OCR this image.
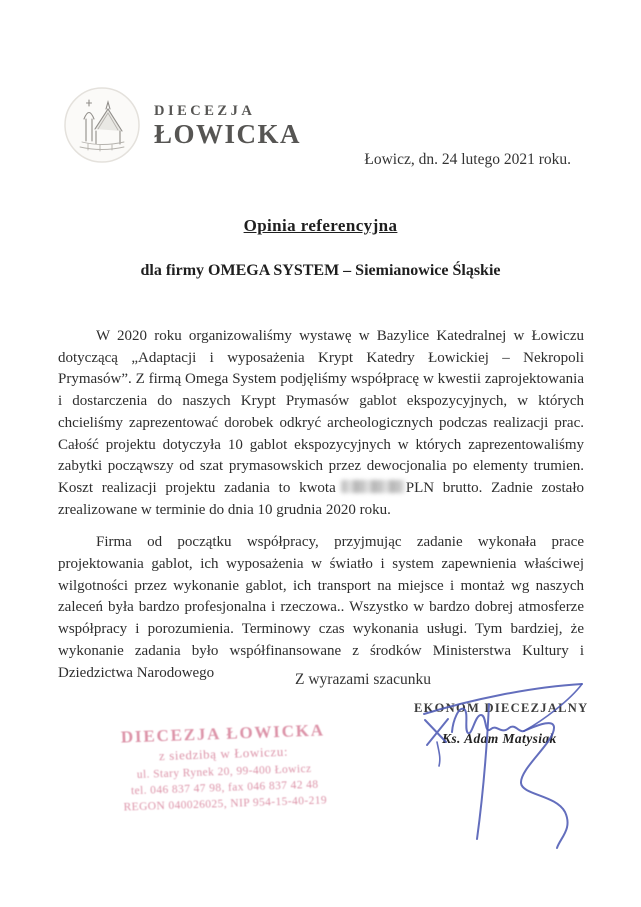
DIECEZJA
ŁOWICKA
Łowicz, dn. 24 lutego 2021 roku.
Opinia referencyjna
dla firmy OMEGA SYSTEM – Siemianowice Śląskie

W 2020 roku organizowaliśmy wystawę w Bazylice Katedralnej w Łowiczu dotyczącą „Adaptacji i wyposażenia Krypt Katedry Łowickiej – Nekropoli Prymasów”. Z firmą Omega System podjęliśmy współpracę w kwestii zaprojektowania i dostarczenia do naszych Krypt Prymasów gablot ekspozycyjnych, w których chcieliśmy zaprezentować dorobek odkryć archeologicznych podczas realizacji prac. Całość projektu dotyczyła 10 gablot ekspozycyjnych w których zaprezentowaliśmy zabytki począwszy od szat prymasowskich przez dewocjonalia po elementy trumien. Koszt realizacji projektu zadania to kwota	PLN brutto. Zadnie zostało zrealizowane w terminie do dnia 10 grudnia 2020 roku.

Firma od początku współpracy, przyjmując zadanie wykonała prace projektowania gablot, ich wyposażenia w światło i system zapewnienia właściwej wilgotności przez wykonanie gablot, ich transport na miejsce i montaż wg naszych zaleceń była bardzo profesjonalna i rzeczowa.. Wszystko w bardzo dobrej atmosferze współpracy i porozumienia. Terminowy czas wykonania usługi. Tym bardziej, że wykonanie zadania było współfinansowane z środków Ministerstwa Kultury i Dziedzictwa Narodowego	Z wyrazami szacunku
DIECEZJA ŁOWICKA
z siedzibą w Łowiczu:
ul. Stary Rynek 20, 99-400 Łowicz
tel. 046 837 47 98, fax 046 837 42 48
REGON 040026025, NIP 954-15-40-219
EKONOM DIECEZJALNY
Ks. Adam Matysiak
